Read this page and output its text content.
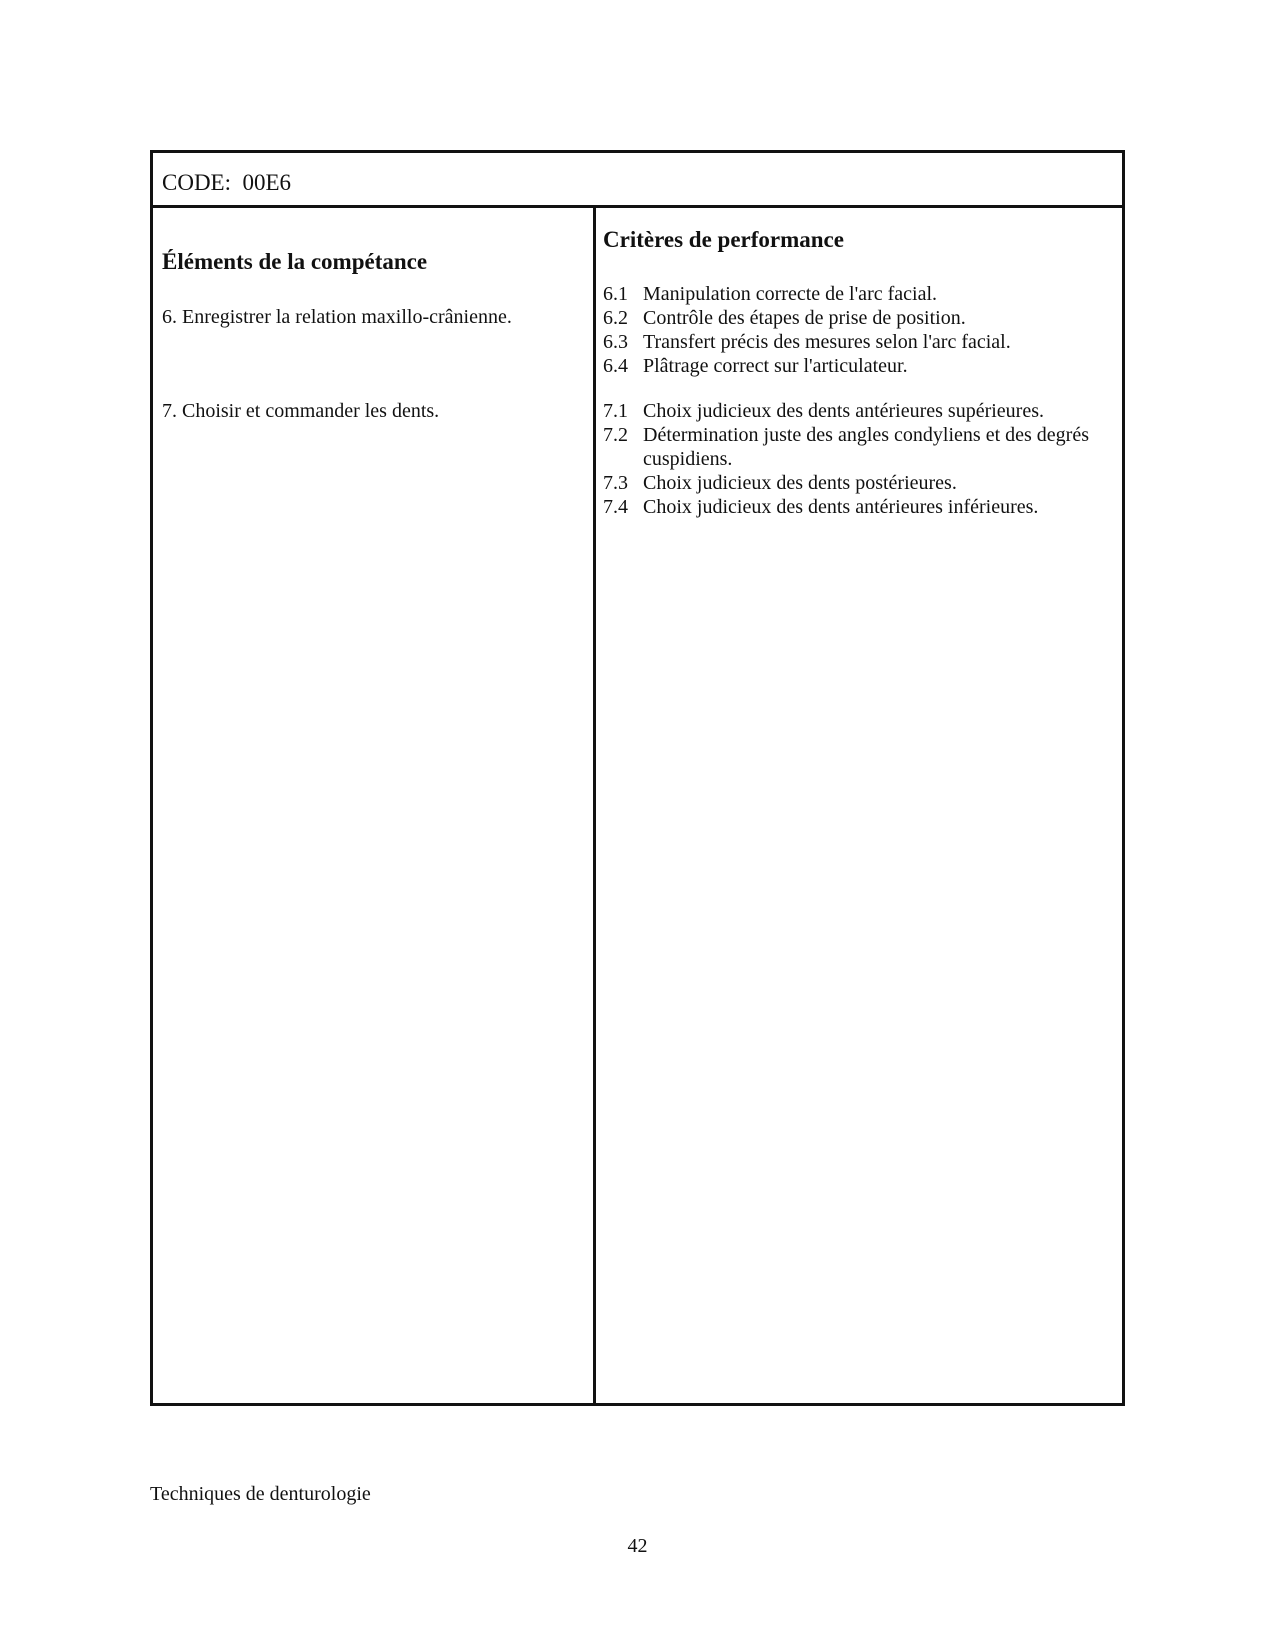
CODE:  00E6
Éléments de la compétance
6. Enregistrer la relation maxillo-crânienne.
7. Choisir et commander les dents.
Critères de performance
6.1 Manipulation correcte de l'arc facial.
6.2 Contrôle des étapes de prise de position.
6.3 Transfert précis des mesures selon l'arc facial.
6.4 Plâtrage correct sur l'articulateur.
7.1 Choix judicieux des dents antérieures supérieures.
7.2 Détermination juste des angles condyliens et des degrés cuspidiens.
7.3 Choix judicieux des dents postérieures.
7.4 Choix judicieux des dents antérieures inférieures.
Techniques de denturologie
42
